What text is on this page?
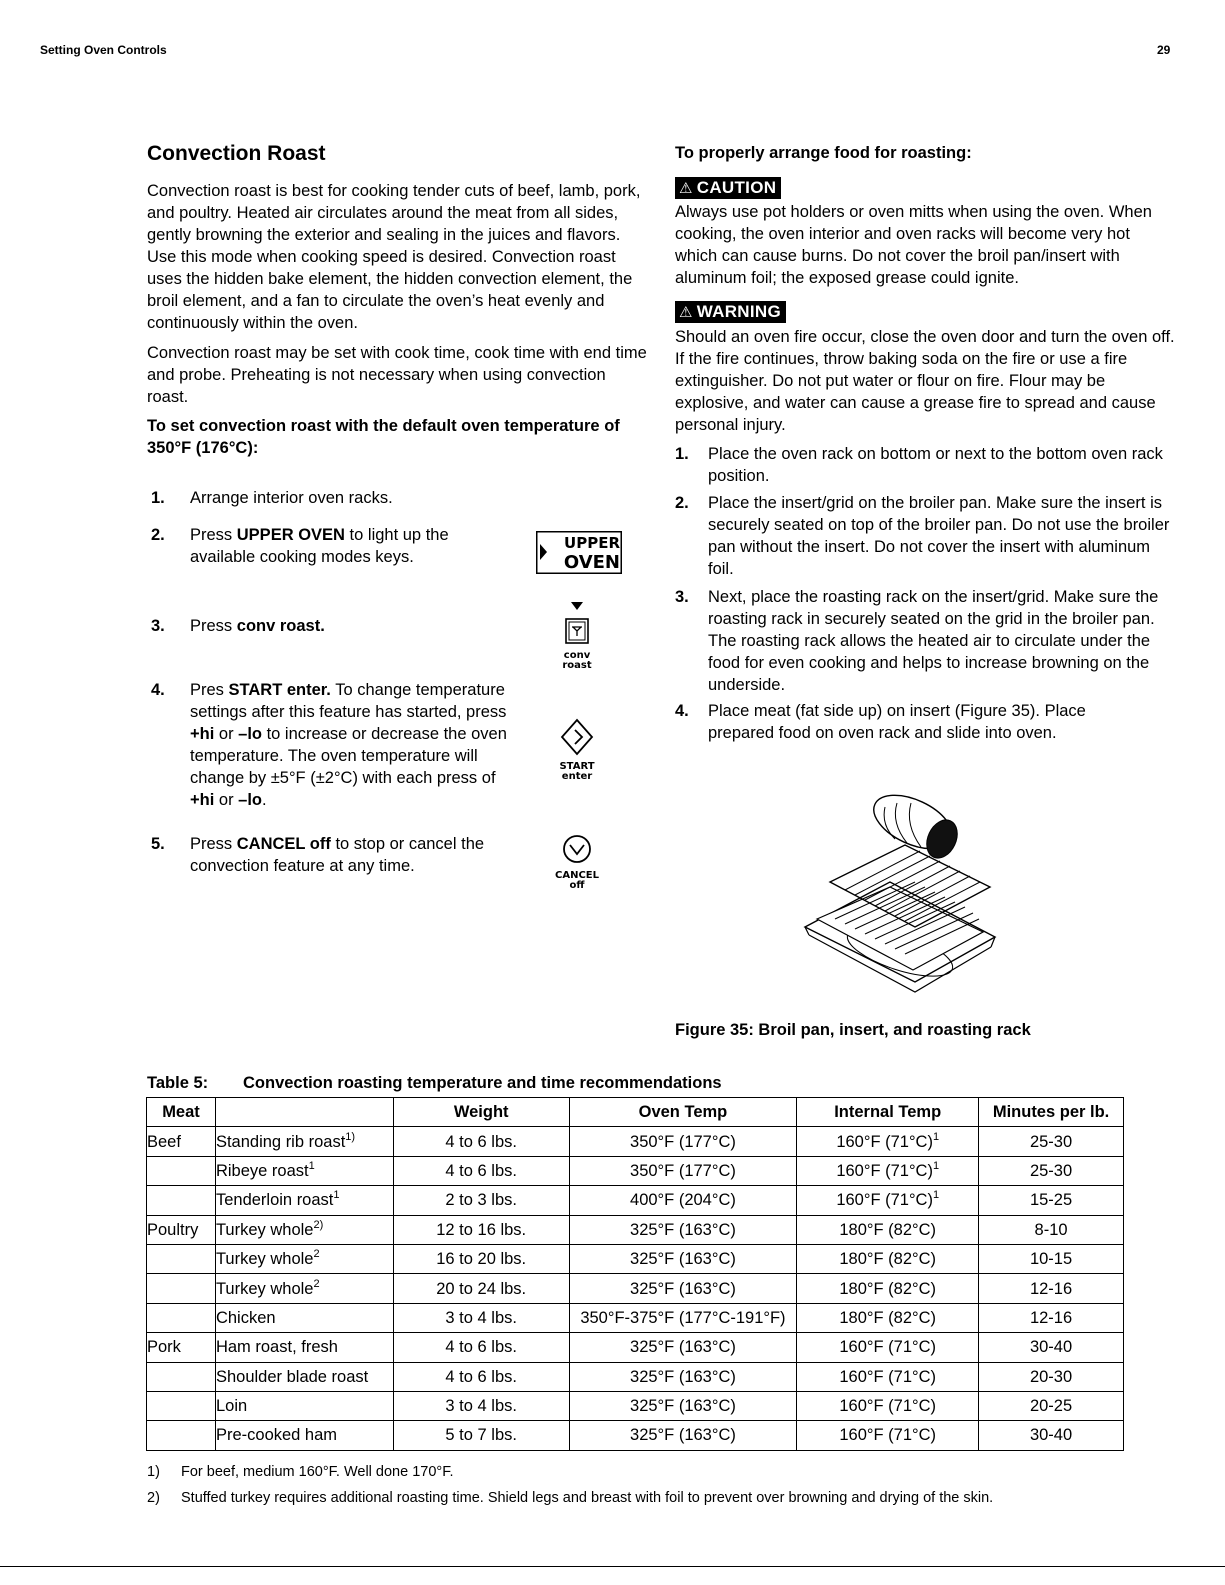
Setting Oven Controls	29
Convection Roast
Convection roast is best for cooking tender cuts of beef, lamb, pork, and poultry. Heated air circulates around the meat from all sides, gently browning the exterior and sealing in the juices and flavors. Use this mode when cooking speed is desired. Convection roast uses the hidden bake element, the hidden convection element, the broil element, and a fan to circulate the oven’s heat evenly and continuously within the oven.
Convection roast may be set with cook time, cook time with end time and probe. Preheating is not necessary when using convection roast.
To set convection roast with the default oven temperature of 350°F (176°C):
1. Arrange interior oven racks.
2. Press UPPER OVEN to light up the available cooking modes keys.
3. Press conv roast.
4. Pres START enter. To change temperature settings after this feature has started, press +hi or –lo to increase or decrease the oven temperature. The oven temperature will change by ±5°F (±2°C) with each press of +hi or –lo.
5. Press CANCEL off to stop or cancel the convection feature at any time.
UPPER
OVEN
conv
roast
START
enter
CANCEL
off
To properly arrange food for roasting:
⚠ CAUTION
Always use pot holders or oven mitts when using the oven. When cooking, the oven interior and oven racks will become very hot which can cause burns. Do not cover the broil pan/insert with aluminum foil; the exposed grease could ignite.
⚠ WARNING
Should an oven fire occur, close the oven door and turn the oven off. If the fire continues, throw baking soda on the fire or use a fire extinguisher. Do not put water or flour on fire. Flour may be explosive, and water can cause a grease fire to spread and cause personal injury.
1. Place the oven rack on bottom or next to the bottom oven rack position.
2. Place the insert/grid on the broiler pan. Make sure the insert is securely seated on top of the broiler pan. Do not use the broiler pan without the insert. Do not cover the insert with aluminum foil.
3. Next, place the roasting rack on the insert/grid. Make sure the roasting rack in securely seated on the grid in the broiler pan. The roasting rack allows the heated air to circulate under the food for even cooking and helps to increase browning on the underside.
4. Place meat (fat side up) on insert (Figure 35). Place prepared food on oven rack and slide into oven.
Figure 35: Broil pan, insert, and roasting rack
Table 5: Convection roasting temperature and time recommendations
Meat		Weight	Oven Temp	Internal Temp	Minutes per lb.
Beef	Standing rib roast$^{1)}$	4 to 6 lbs.	350°F (177°C)	160°F $(71^\circ C)^1$	25-30
	Ribeye roast$^1$	4 to 6 lbs.	350°F (177°C)	160°F $(71^\circ C)^1$	25-30
	Tenderloin roast$^1$	2 to 3 lbs.	400°F (204°C)	160°F $(71^\circ C)^1$	15-25
Poultry	Turkey whole$^{2)}$	12 to 16 lbs.	325°F (163°C)	180°F (82°C)	8-10
	Turkey whole$^2$	16 to 20 lbs.	325°F (163°C)	180°F (82°C)	10-15
	Turkey whole$^2$	20 to 24 lbs.	325°F (163°C)	180°F (82°C)	12-16
	Chicken	3 to 4 lbs.	350°F-375°F (177°C-191°F)	180°F (82°C)	12-16
Pork	Ham roast, fresh	4 to 6 lbs.	325°F (163°C)	160°F (71°C)	30-40
	Shoulder blade roast	4 to 6 lbs.	325°F (163°C)	160°F (71°C)	20-30
	Loin	3 to 4 lbs.	325°F (163°C)	160°F (71°C)	20-25
	Pre-cooked ham	5 to 7 lbs.	325°F (163°C)	160°F (71°C)	30-40
1) For beef, medium 160°F. Well done 170°F.
2) Stuffed turkey requires additional roasting time. Shield legs and breast with foil to prevent over browning and drying of the skin.
